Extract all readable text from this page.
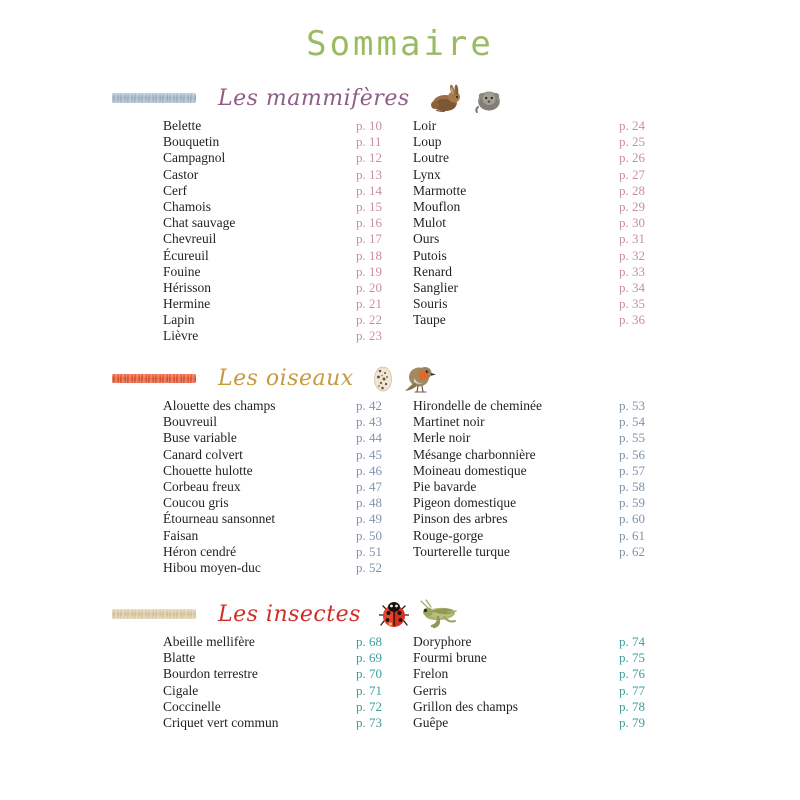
Sommaire
Les mammifères
Belette	p. 10
Bouquetin	p. 11
Campagnol	p. 12
Castor	p. 13
Cerf	p. 14
Chamois	p. 15
Chat sauvage	p. 16
Chevreuil	p. 17
Écureuil	p. 18
Fouine	p. 19
Hérisson	p. 20
Hermine	p. 21
Lapin	p. 22
Lièvre	p. 23
Loir	p. 24
Loup	p. 25
Loutre	p. 26
Lynx	p. 27
Marmotte	p. 28
Mouflon	p. 29
Mulot	p. 30
Ours	p. 31
Putois	p. 32
Renard	p. 33
Sanglier	p. 34
Souris	p. 35
Taupe	p. 36
Les oiseaux
Alouette des champs	p. 42
Bouvreuil	p. 43
Buse variable	p. 44
Canard colvert	p. 45
Chouette hulotte	p. 46
Corbeau freux	p. 47
Coucou gris	p. 48
Étourneau sansonnet	p. 49
Faisan	p. 50
Héron cendré	p. 51
Hibou moyen-duc	p. 52
Hirondelle de cheminée	p. 53
Martinet noir	p. 54
Merle noir	p. 55
Mésange charbonnière	p. 56
Moineau domestique	p. 57
Pie bavarde	p. 58
Pigeon domestique	p. 59
Pinson des arbres	p. 60
Rouge-gorge	p. 61
Tourterelle turque	p. 62
Les insectes
Abeille mellifère	p. 68
Blatte	p. 69
Bourdon terrestre	p. 70
Cigale	p. 71
Coccinelle	p. 72
Criquet vert commun	p. 73
Doryphore	p. 74
Fourmi brune	p. 75
Frelon	p. 76
Gerris	p. 77
Grillon des champs	p. 78
Guêpe	p. 79
